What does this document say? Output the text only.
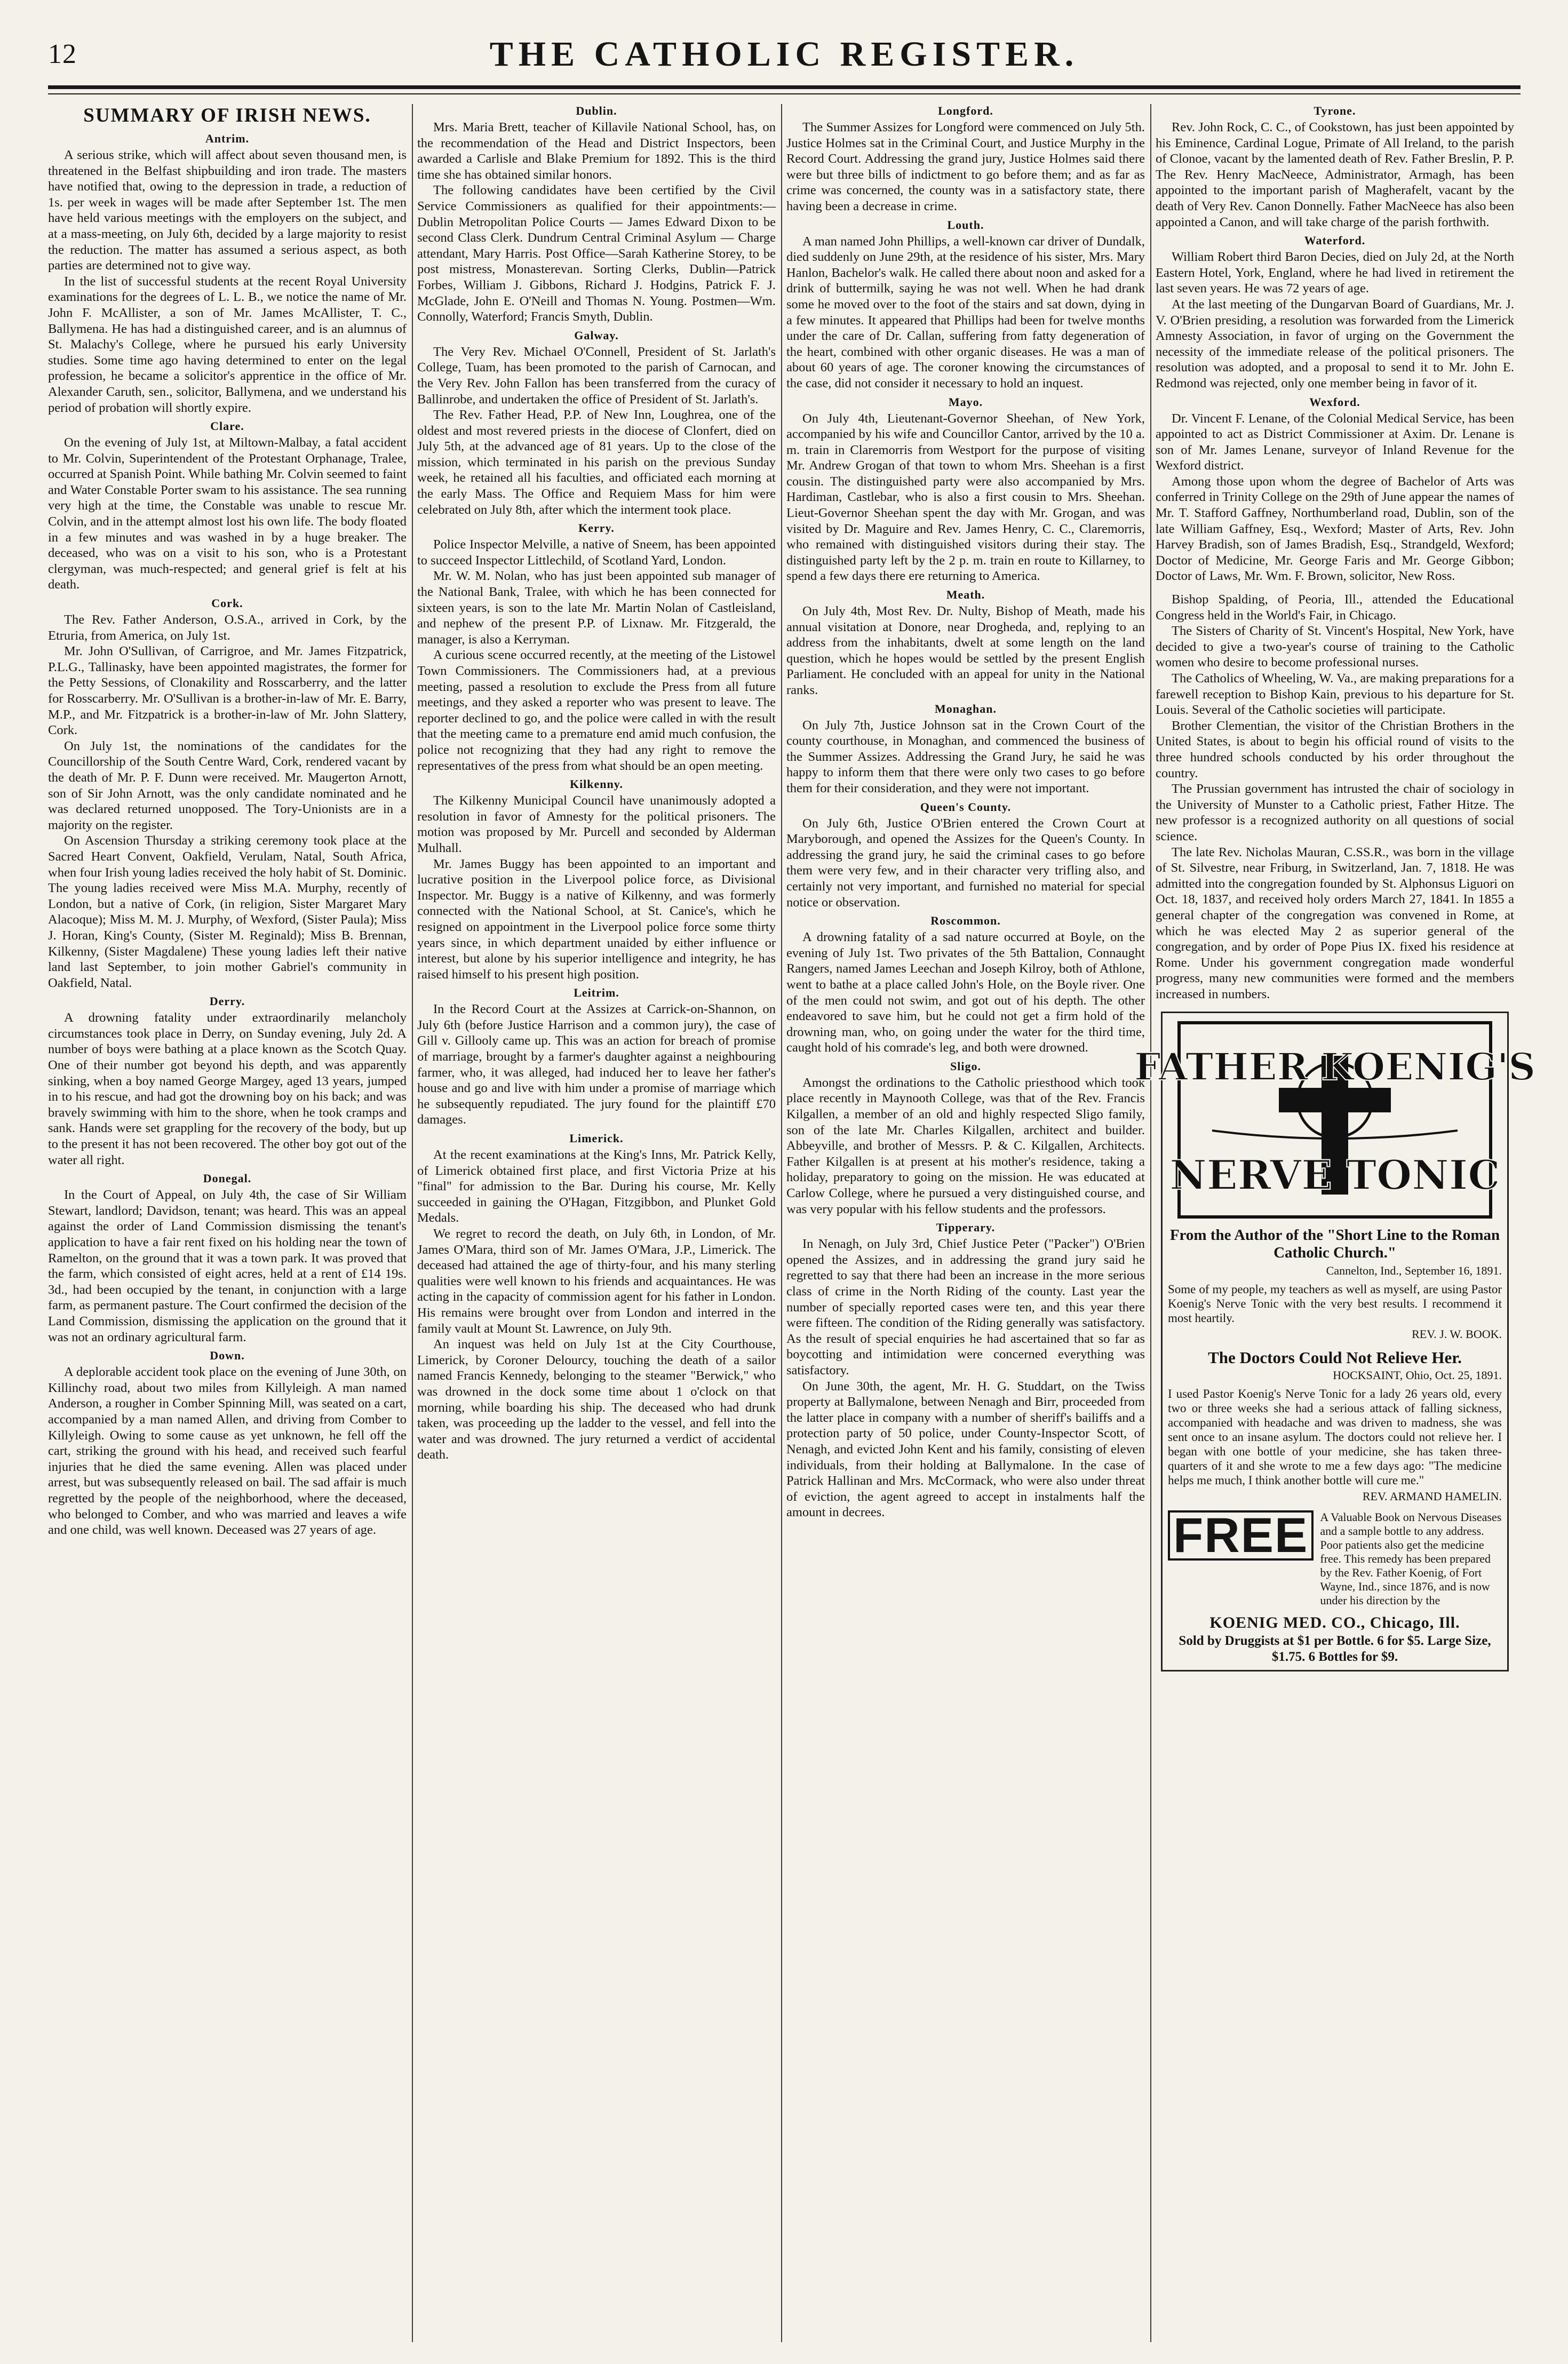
12	THE CATHOLIC REGISTER.
SUMMARY OF IRISH NEWS.
Antrim.

A serious strike, which will affect about seven thousand men, is threatened in the Belfast shipbuilding and iron trade. The masters have notified that, owing to the depression in trade, a reduction of 1s. per week in wages will be made after September 1st. The men have held various meetings with the employers on the subject, and at a mass-meeting, on July 6th, decided by a large majority to resist the reduction. The matter has assumed a serious aspect, as both parties are determined not to give way.

In the list of successful students at the recent Royal University examinations for the degrees of L. L. B., we notice the name of Mr. John F. McAllister, a son of Mr. James McAllister, T. C., Ballymena. He has had a distinguished career, and is an alumnus of St. Malachy's College, where he pursued his early University studies. Some time ago having determined to enter on the legal profession, he became a solicitor's apprentice in the office of Mr. Alexander Caruth, sen., solicitor, Ballymena, and we understand his period of probation will shortly expire.

Clare.

On the evening of July 1st, at Miltown-Malbay, a fatal accident to Mr. Colvin, Superintendent of the Protestant Orphanage, Tralee, occurred at Spanish Point. While bathing Mr. Colvin seemed to faint and Water Constable Porter swam to his assistance. The sea running very high at the time, the Constable was unable to rescue Mr. Colvin, and in the attempt almost lost his own life. The body floated in a few minutes and was washed in by a huge breaker. The deceased, who was on a visit to his son, who is a Protestant clergyman, was much-respected; and general grief is felt at his death.

Cork.

The Rev. Father Anderson, O.S.A., arrived in Cork, by the Etruria, from America, on July 1st.

Mr. John O'Sullivan, of Carrigroe, and Mr. James Fitzpatrick, P.L.G., Tallinasky, have been appointed magistrates, the former for the Petty Sessions, of Clonakility and Rosscarberry, and the latter for Rosscarberry. Mr. O'Sullivan is a brother-in-law of Mr. E. Barry, M.P., and Mr. Fitzpatrick is a brother-in-law of Mr. John Slattery, Cork.

On July 1st, the nominations of the candidates for the Councillorship of the South Centre Ward, Cork, rendered vacant by the death of Mr. P. F. Dunn were received. Mr. Maugerton Arnott, son of Sir John Arnott, was the only candidate nominated and he was declared returned unopposed. The Tory-Unionists are in a majority on the register.

On Ascension Thursday a striking ceremony took place at the Sacred Heart Convent, Oakfield, Verulam, Natal, South Africa, when four Irish young ladies received the holy habit of St. Dominic. The young ladies received were Miss M.A. Murphy, recently of London, but a native of Cork, (in religion, Sister Margaret Mary Alacoque); Miss M. M. J. Murphy, of Wexford, (Sister Paula); Miss J. Horan, King's County, (Sister M. Reginald); Miss B. Brennan, Kilkenny, (Sister Magdalene) These young ladies left their native land last September, to join mother Gabriel's community in Oakfield, Natal.

Derry.

A drowning fatality under extraordinarily melancholy circumstances took place in Derry, on Sunday evening, July 2d. A number of boys were bathing at a place known as the Scotch Quay. One of their number got beyond his depth, and was apparently sinking, when a boy named George Margey, aged 13 years, jumped in to his rescue, and had got the drowning boy on his back; and was bravely swimming with him to the shore, when he took cramps and sank. Hands were set grappling for the recovery of the body, but up to the present it has not been recovered. The other boy got out of the water all right.

Donegal.

In the Court of Appeal, on July 4th, the case of Sir William Stewart, landlord; Davidson, tenant; was heard. This was an appeal against the order of Land Commission dismissing the tenant's application to have a fair rent fixed on his holding near the town of Ramelton, on the ground that it was a town park. It was proved that the farm, which consisted of eight acres, held at a rent of £14 19s. 3d., had been occupied by the tenant, in conjunction with a large farm, as permanent pasture. The Court confirmed the decision of the Land Commission, dismissing the application on the ground that it was not an ordinary agricultural farm.

Down.

A deplorable accident took place on the evening of June 30th, on Killinchy road, about two miles from Killyleigh. A man named Anderson, a rougher in Comber Spinning Mill, was seated on a cart, accompanied by a man named Allen, and driving from Comber to Killyleigh. Owing to some cause as yet unknown, he fell off the cart, striking the ground with his head, and received such fearful injuries that he died the same evening. Allen was placed under arrest, but was subsequently released on bail. The sad affair is much regretted by the people of the neighborhood, where the deceased, who belonged to Comber, and who was married and leaves a wife and one child, was well known. Deceased was 27 years of age.

Dublin.

Mrs. Maria Brett, teacher of Killavile National School, has, on the recommendation of the Head and District Inspectors, been awarded a Carlisle and Blake Premium for 1892. This is the third time she has obtained similar honors.

The following candidates have been certified by the Civil Service Commissioners as qualified for their appointments:—Dublin Metropolitan Police Courts — James Edward Dixon to be second Class Clerk. Dundrum Central Criminal Asylum — Charge attendant, Mary Harris. Post Office—Sarah Katherine Storey, to be post mistress, Monasterevan. Sorting Clerks, Dublin—Patrick Forbes, William J. Gibbons, Richard J. Hodgins, Patrick F. J. McGlade, John E. O'Neill and Thomas N. Young. Postmen—Wm. Connolly, Waterford; Francis Smyth, Dublin.

Galway.

The Very Rev. Michael O'Connell, President of St. Jarlath's College, Tuam, has been promoted to the parish of Carnocan, and the Very Rev. John Fallon has been transferred from the curacy of Ballinrobe, and undertaken the office of President of St. Jarlath's.

The Rev. Father Head, P.P. of New Inn, Loughrea, one of the oldest and most revered priests in the diocese of Clonfert, died on July 5th, at the advanced age of 81 years. Up to the close of the mission, which terminated in his parish on the previous Sunday week, he retained all his faculties, and officiated each morning at the early Mass. The Office and Requiem Mass for him were celebrated on July 8th, after which the interment took place.

Kerry.

Police Inspector Melville, a native of Sneem, has been appointed to succeed Inspector Littlechild, of Scotland Yard, London.

Mr. W. M. Nolan, who has just been appointed sub manager of the National Bank, Tralee, with which he has been connected for sixteen years, is son to the late Mr. Martin Nolan of Castleisland, and nephew of the present P.P. of Lixnaw. Mr. Fitzgerald, the manager, is also a Kerryman.

A curious scene occurred recently, at the meeting of the Listowel Town Commissioners. The Commissioners had, at a previous meeting, passed a resolution to exclude the Press from all future meetings, and they asked a reporter who was present to leave. The reporter declined to go, and the police were called in with the result that the meeting came to a premature end amid much confusion, the police not recognizing that they had any right to remove the representatives of the press from what should be an open meeting.

Kilkenny.

The Kilkenny Municipal Council have unanimously adopted a resolution in favor of Amnesty for the political prisoners. The motion was proposed by Mr. Purcell and seconded by Alderman Mulhall.

Mr. James Buggy has been appointed to an important and lucrative position in the Liverpool police force, as Divisional Inspector. Mr. Buggy is a native of Kilkenny, and was formerly connected with the National School, at St. Canice's, which he resigned on appointment in the Liverpool police force some thirty years since, in which department unaided by either influence or interest, but alone by his superior intelligence and integrity, he has raised himself to his present high position.

Leitrim.

In the Record Court at the Assizes at Carrick-on-Shannon, on July 6th (before Justice Harrison and a common jury), the case of Gill v. Gillooly came up. This was an action for breach of promise of marriage, brought by a farmer's daughter against a neighbouring farmer, who, it was alleged, had induced her to leave her father's house and go and live with him under a promise of marriage which he subsequently repudiated. The jury found for the plaintiff £70 damages.

Limerick.

At the recent examinations at the King's Inns, Mr. Patrick Kelly, of Limerick obtained first place, and first Victoria Prize at his "final" for admission to the Bar. During his course, Mr. Kelly succeeded in gaining the O'Hagan, Fitzgibbon, and Plunket Gold Medals.

We regret to record the death, on July 6th, in London, of Mr. James O'Mara, third son of Mr. James O'Mara, J.P., Limerick. The deceased had attained the age of thirty-four, and his many sterling qualities were well known to his friends and acquaintances. He was acting in the capacity of commission agent for his father in London. His remains were brought over from London and interred in the family vault at Mount St. Lawrence, on July 9th.

An inquest was held on July 1st at the City Courthouse, Limerick, by Coroner Delourcy, touching the death of a sailor named Francis Kennedy, belonging to the steamer "Berwick," who was drowned in the dock some time about 1 o'clock on that morning, while boarding his ship. The deceased who had drunk taken, was proceeding up the ladder to the vessel, and fell into the water and was drowned. The jury returned a verdict of accidental death.

Longford.

The Summer Assizes for Longford were commenced on July 5th. Justice Holmes sat in the Criminal Court, and Justice Murphy in the Record Court. Addressing the grand jury, Justice Holmes said there were but three bills of indictment to go before them; and as far as crime was concerned, the county was in a satisfactory state, there having been a decrease in crime.

Louth.

A man named John Phillips, a well-known car driver of Dundalk, died suddenly on June 29th, at the residence of his sister, Mrs. Mary Hanlon, Bachelor's walk. He called there about noon and asked for a drink of buttermilk, saying he was not well. When he had drank some he moved over to the foot of the stairs and sat down, dying in a few minutes. It appeared that Phillips had been for twelve months under the care of Dr. Callan, suffering from fatty degeneration of the heart, combined with other organic diseases. He was a man of about 60 years of age. The coroner knowing the circumstances of the case, did not consider it necessary to hold an inquest.

Mayo.

On July 4th, Lieutenant-Governor Sheehan, of New York, accompanied by his wife and Councillor Cantor, arrived by the 10 a. m. train in Claremorris from Westport for the purpose of visiting Mr. Andrew Grogan of that town to whom Mrs. Sheehan is a first cousin. The distinguished party were also accompanied by Mrs. Hardiman, Castlebar, who is also a first cousin to Mrs. Sheehan. Lieut-Governor Sheehan spent the day with Mr. Grogan, and was visited by Dr. Maguire and Rev. James Henry, C. C., Claremorris, who remained with distinguished visitors during their stay. The distinguished party left by the 2 p. m. train en route to Killarney, to spend a few days there ere returning to America.

Meath.

On July 4th, Most Rev. Dr. Nulty, Bishop of Meath, made his annual visitation at Donore, near Drogheda, and, replying to an address from the inhabitants, dwelt at some length on the land question, which he hopes would be settled by the present English Parliament. He concluded with an appeal for unity in the National ranks.

Monaghan.

On July 7th, Justice Johnson sat in the Crown Court of the county courthouse, in Monaghan, and commenced the business of the Summer Assizes. Addressing the Grand Jury, he said he was happy to inform them that there were only two cases to go before them for their consideration, and they were not important.

Queen's County.

On July 6th, Justice O'Brien entered the Crown Court at Maryborough, and opened the Assizes for the Queen's County. In addressing the grand jury, he said the criminal cases to go before them were very few, and in their character very trifling also, and certainly not very important, and furnished no material for special notice or observation.

Roscommon.

A drowning fatality of a sad nature occurred at Boyle, on the evening of July 1st. Two privates of the 5th Battalion, Connaught Rangers, named James Leechan and Joseph Kilroy, both of Athlone, went to bathe at a place called John's Hole, on the Boyle river. One of the men could not swim, and got out of his depth. The other endeavored to save him, but he could not get a firm hold of the drowning man, who, on going under the water for the third time, caught hold of his comrade's leg, and both were drowned.

Sligo.

Amongst the ordinations to the Catholic priesthood which took place recently in Maynooth College, was that of the Rev. Francis Kilgallen, a member of an old and highly respected Sligo family, son of the late Mr. Charles Kilgallen, architect and builder. Abbeyville, and brother of Messrs. P. & C. Kilgallen, Architects. Father Kilgallen is at present at his mother's residence, taking a holiday, preparatory to going on the mission. He was educated at Carlow College, where he pursued a very distinguished course, and was very popular with his fellow students and the professors.

Tipperary.

In Nenagh, on July 3rd, Chief Justice Peter ("Packer") O'Brien opened the Assizes, and in addressing the grand jury said he regretted to say that there had been an increase in the more serious class of crime in the North Riding of the county. Last year the number of specially reported cases were ten, and this year there were fifteen. The condition of the Riding generally was satisfactory. As the result of special enquiries he had ascertained that so far as boycotting and intimidation were concerned everything was satisfactory.

On June 30th, the agent, Mr. H. G. Studdart, on the Twiss property at Ballymalone, between Nenagh and Birr, proceeded from the latter place in company with a number of sheriff's bailiffs and a protection party of 50 police, under County-Inspector Scott, of Nenagh, and evicted John Kent and his family, consisting of eleven individuals, from their holding at Ballymalone. In the case of Patrick Hallinan and Mrs. McCormack, who were also under threat of eviction, the agent agreed to accept in instalments half the amount in decrees.

Tyrone.

Rev. John Rock, C. C., of Cookstown, has just been appointed by his Eminence, Cardinal Logue, Primate of All Ireland, to the parish of Clonoe, vacant by the lamented death of Rev. Father Breslin, P. P. The Rev. Henry MacNeece, Administrator, Armagh, has been appointed to the important parish of Magherafelt, vacant by the death of Very Rev. Canon Donnelly. Father MacNeece has also been appointed a Canon, and will take charge of the parish forthwith.

Waterford.

William Robert third Baron Decies, died on July 2d, at the North Eastern Hotel, York, England, where he had lived in retirement the last seven years. He was 72 years of age.

At the last meeting of the Dungarvan Board of Guardians, Mr. J. V. O'Brien presiding, a resolution was forwarded from the Limerick Amnesty Association, in favor of urging on the Government the necessity of the immediate release of the political prisoners. The resolution was adopted, and a proposal to send it to Mr. John E. Redmond was rejected, only one member being in favor of it.

Wexford.

Dr. Vincent F. Lenane, of the Colonial Medical Service, has been appointed to act as District Commissioner at Axim. Dr. Lenane is son of Mr. James Lenane, surveyor of Inland Revenue for the Wexford district.

Among those upon whom the degree of Bachelor of Arts was conferred in Trinity College on the 29th of June appear the names of Mr. T. Stafford Gaffney, Northumberland road, Dublin, son of the late William Gaffney, Esq., Wexford; Master of Arts, Rev. John Harvey Bradish, son of James Bradish, Esq., Strandgeld, Wexford; Doctor of Medicine, Mr. George Faris and Mr. George Gibbon; Doctor of Laws, Mr. Wm. F. Brown, solicitor, New Ross.

Bishop Spalding, of Peoria, Ill., attended the Educational Congress held in the World's Fair, in Chicago.

The Sisters of Charity of St. Vincent's Hospital, New York, have decided to give a two-year's course of training to the Catholic women who desire to become professional nurses.

The Catholics of Wheeling, W. Va., are making preparations for a farewell reception to Bishop Kain, previous to his departure for St. Louis. Several of the Catholic societies will participate.

Brother Clementian, the visitor of the Christian Brothers in the United States, is about to begin his official round of visits to the three hundred schools conducted by his order throughout the country.

The Prussian government has intrusted the chair of sociology in the University of Munster to a Catholic priest, Father Hitze. The new professor is a recognized authority on all questions of social science.

The late Rev. Nicholas Mauran, C.SS.R., was born in the village of St. Silvestre, near Friburg, in Switzerland, Jan. 7, 1818. He was admitted into the congregation founded by St. Alphonsus Liguori on Oct. 18, 1837, and received holy orders March 27, 1841. In 1855 a general chapter of the congregation was convened in Rome, at which he was elected May 2 as superior general of the congregation, and by order of Pope Pius IX. fixed his residence at Rome. Under his government congregation made wonderful progress, many new communities were formed and the members increased in numbers.

FATHER KOENIG'S
NERVE TONIC
From the Author of the "Short Line to the Roman Catholic Church."
Cannelton, Ind., September 16, 1891.
Some of my people, my teachers as well as myself, are using Pastor Koenig's Nerve Tonic with the very best results. I recommend it most heartily.
REV. J. W. BOOK.
The Doctors Could Not Relieve Her.
HOCKSAINT, Ohio, Oct. 25, 1891.
I used Pastor Koenig's Nerve Tonic for a lady 26 years old, every two or three weeks she had a serious attack of falling sickness, accompanied with headache and was driven to madness, she was sent once to an insane asylum. The doctors could not relieve her. I began with one bottle of your medicine, she has taken three-quarters of it and she wrote to me a few days ago: "The medicine helps me much, I think another bottle will cure me."
REV. ARMAND HAMELIN.
FREE	A Valuable Book on Nervous Diseases and a sample bottle to any address. Poor patients also get the medicine free. This remedy has been prepared by the Rev. Father Koenig, of Fort Wayne, Ind., since 1876, and is now under his direction by the
KOENIG MED. CO., Chicago, Ill.
Sold by Druggists at $1 per Bottle. 6 for $5. Large Size, $1.75. 6 Bottles for $9.
